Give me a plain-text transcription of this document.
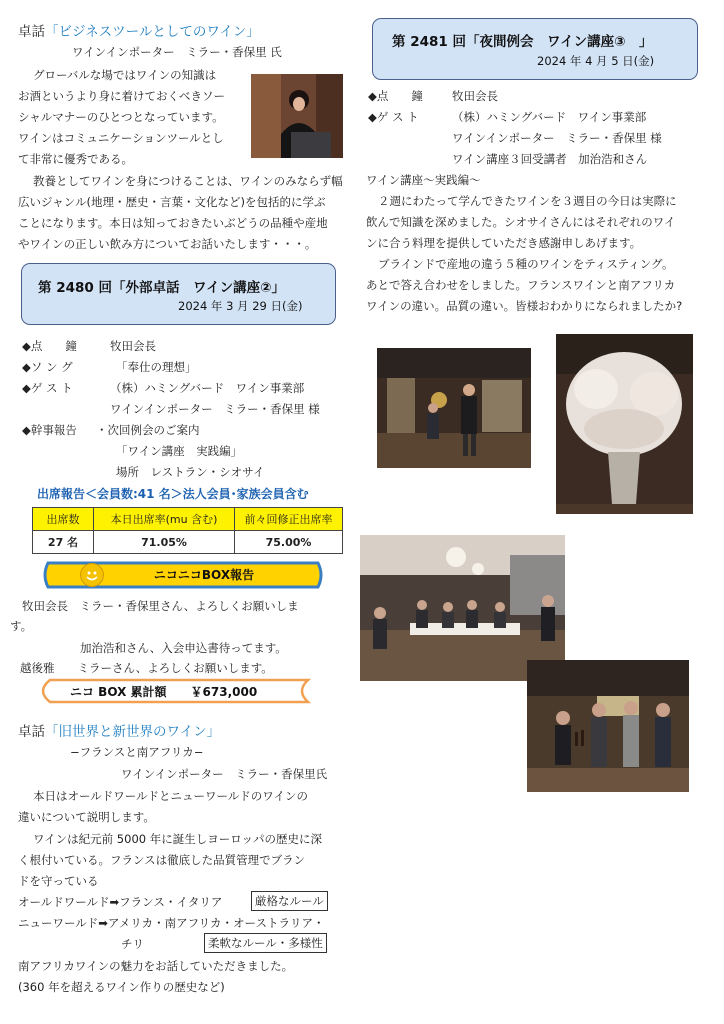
卓話「ビジネスツールとしてのワイン」
ワインインポーター　ミラー・香保里 氏
グローバルな場ではワインの知識は
お酒というより身に着けておくべきソー
シャルマナーのひとつとなっています。
ワインはコミュニケーションツールとし
て非常に優秀である。
教養としてワインを身につけることは、ワインのみならず幅
広いジャンル(地理・歴史・言葉・文化など)を包括的に学ぶ
ことになります。本日は知っておきたいぶどうの品種や産地
やワインの正しい飲み方についてお話いたします・・・。
第 2480 回「外部卓話　ワイン講座②」
2024 年 3 月 29 日(金)
◆点　　鐘	牧田会長
◆ソ ン グ	「奉仕の理想」
◆ゲ ス ト	（株）ハミングバード　ワイン事業部
ワインインポーター　ミラー・香保里 様
◆幹事報告 ・次回例会のご案内
「ワイン講座　実践編」
場所　レストラン・シオサイ
出席報告＜会員数:41 名＞法人会員･家族会員含む
出席数	本日出席率(mu 含む)	前々回修正出席率
27 名	71.05%	75.00%
ニコニコBOX報告
牧田会長　ミラー・香保里さん、よろしくお願いしま
す。
加治浩和さん、入会申込書待ってます。
越後雅　　ミラーさん、よろしくお願いします。
ニコ BOX 累計額　　￥673,000
卓話「旧世界と新世界のワイン」
−フランスと南アフリカ−
ワインインポーター　ミラー・香保里氏
本日はオールドワールドとニューワールドのワインの
違いについて説明します。
ワインは紀元前 5000 年に誕生しヨーロッパの歴史に深
く根付いている。フランスは徹底した品質管理でブラン
ドを守っている
オールドワールド➡フランス・イタリア	厳格なルール
ニューワールド➡アメリカ・南アフリカ・オーストラリア・
チリ	柔軟なルール・多様性
南アフリカワインの魅力をお話していただきました。
(360 年を超えるワイン作りの歴史など)
第 2481 回「夜間例会　ワイン講座③　」
2024 年 4 月 5 日(金)
◆点　　鐘	牧田会長
◆ゲ ス ト	（株）ハミングバード　ワイン事業部
ワインインポーター　ミラー・香保里 様
ワイン講座３回受講者　加治浩和さん
ワイン講座〜実践編〜
２週にわたって学んできたワインを３週目の今日は実際に
飲んで知識を深めました。シオサイさんにはそれぞれのワイ
ンに合う料理を提供していただき感謝申しあげます。
ブラインドで産地の違う５種のワインをティスティング。
あとで答え合わせをしました。フランスワインと南アフリカ
ワインの違い。品質の違い。皆様おわかりになられましたか?
